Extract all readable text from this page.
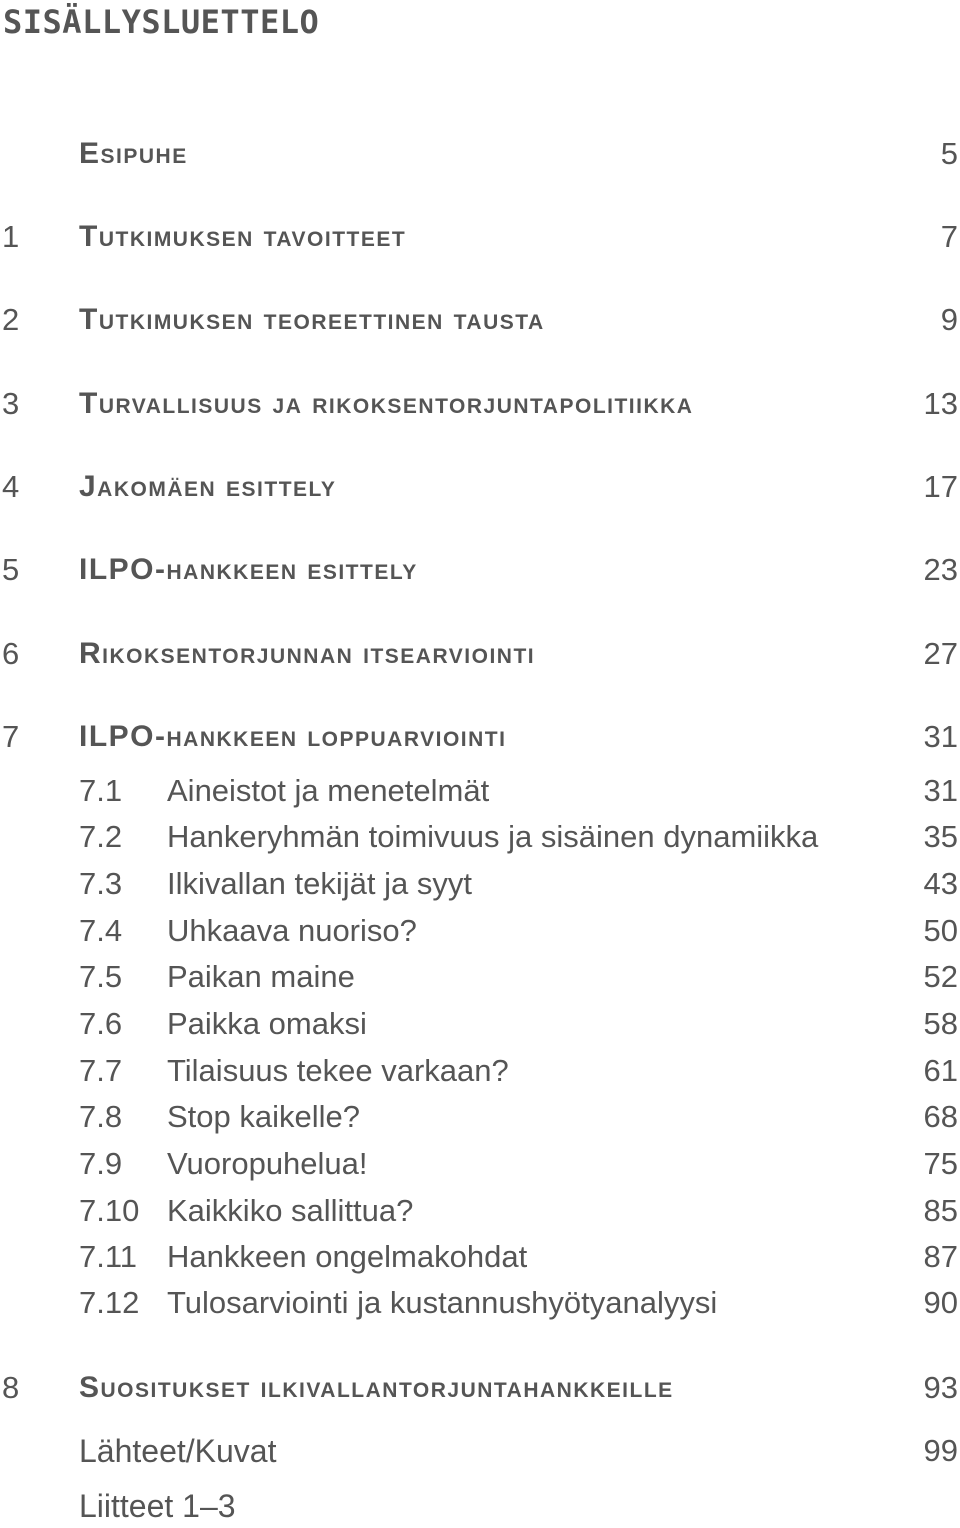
SISÄLLYSLUETTELO
Esipuhe	5
1	Tutkimuksen tavoitteet	7
2	Tutkimuksen teoreettinen tausta	9
3	Turvallisuus ja rikoksentorjuntapolitiikka	13
4	Jakomäen esittely	17
5	ILPO-hankkeen esittely	23
6	Rikoksentorjunnan itsearviointi	27
7	ILPO-hankkeen loppuarviointi	31
7.1 Aineistot ja menetelmät	31
7.2 Hankeryhmän toimivuus ja sisäinen dynamiikka	35
7.3 Ilkivallan tekijät ja syyt	43
7.4 Uhkaava nuoriso?	50
7.5 Paikan maine	52
7.6 Paikka omaksi	58
7.7 Tilaisuus tekee varkaan?	61
7.8 Stop kaikelle?	68
7.9 Vuoropuhelua!	75
7.10 Kaikkiko sallittua?	85
7.11 Hankkeen ongelmakohdat	87
7.12 Tulosarviointi ja kustannushyötyanalyysi	90
8	Suositukset ilkivallantorjuntahankkeille	93
Lähteet/Kuvat	99
Liitteet 1–3
